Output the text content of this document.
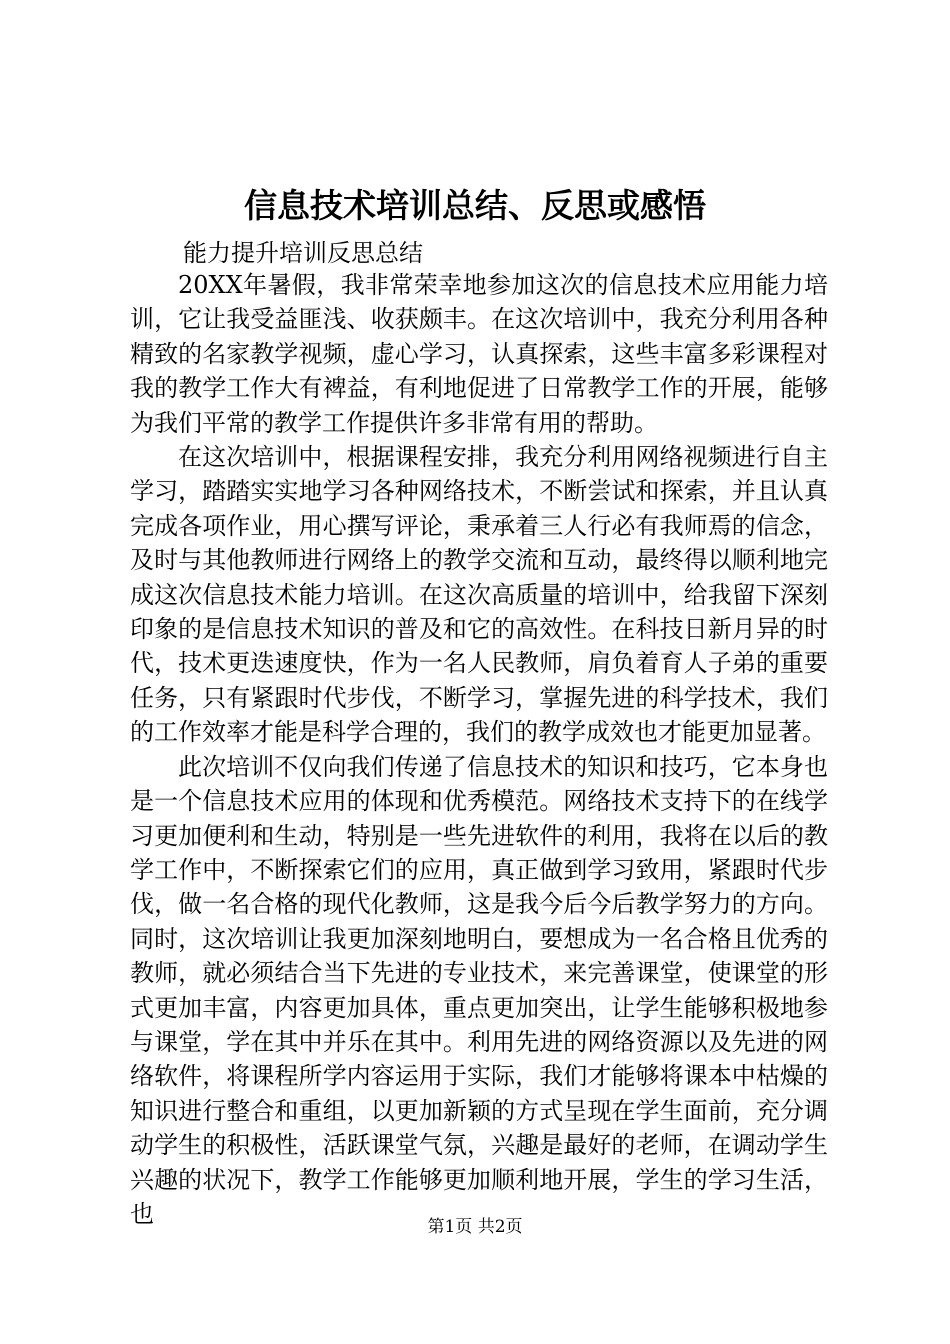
信息技术培训总结、反思或感悟
能力提升培训反思总结

20XX年暑假，我非常荣幸地参加这次的信息技术应用能力培训，它让我受益匪浅、收获颇丰。在这次培训中，我充分利用各种精致的名家教学视频，虚心学习，认真探索，这些丰富多彩课程对我的教学工作大有裨益，有利地促进了日常教学工作的开展，能够为我们平常的教学工作提供许多非常有用的帮助。

在这次培训中，根据课程安排，我充分利用网络视频进行自主学习，踏踏实实地学习各种网络技术，不断尝试和探索，并且认真完成各项作业，用心撰写评论，秉承着三人行必有我师焉的信念，及时与其他教师进行网络上的教学交流和互动，最终得以顺利地完成这次信息技术能力培训。在这次高质量的培训中，给我留下深刻印象的是信息技术知识的普及和它的高效性。在科技日新月异的时代，技术更迭速度快，作为一名人民教师，肩负着育人子弟的重要任务，只有紧跟时代步伐，不断学习，掌握先进的科学技术，我们的工作效率才能是科学合理的，我们的教学成效也才能更加显著。

此次培训不仅向我们传递了信息技术的知识和技巧，它本身也是一个信息技术应用的体现和优秀模范。网络技术支持下的在线学习更加便利和生动，特别是一些先进软件的利用，我将在以后的教学工作中，不断探索它们的应用，真正做到学习致用，紧跟时代步伐，做一名合格的现代化教师，这是我今后今后教学努力的方向。同时，这次培训让我更加深刻地明白，要想成为一名合格且优秀的教师，就必须结合当下先进的专业技术，来完善课堂，使课堂的形式更加丰富，内容更加具体，重点更加突出，让学生能够积极地参与课堂，学在其中并乐在其中。利用先进的网络资源以及先进的网络软件，将课程所学内容运用于实际，我们才能够将课本中枯燥的知识进行整合和重组，以更加新颖的方式呈现在学生面前，充分调动学生的积极性，活跃课堂气氛，兴趣是最好的老师，在调动学生兴趣的状况下，教学工作能够更加顺利地开展，学生的学习生活，也	第1页 共2页
